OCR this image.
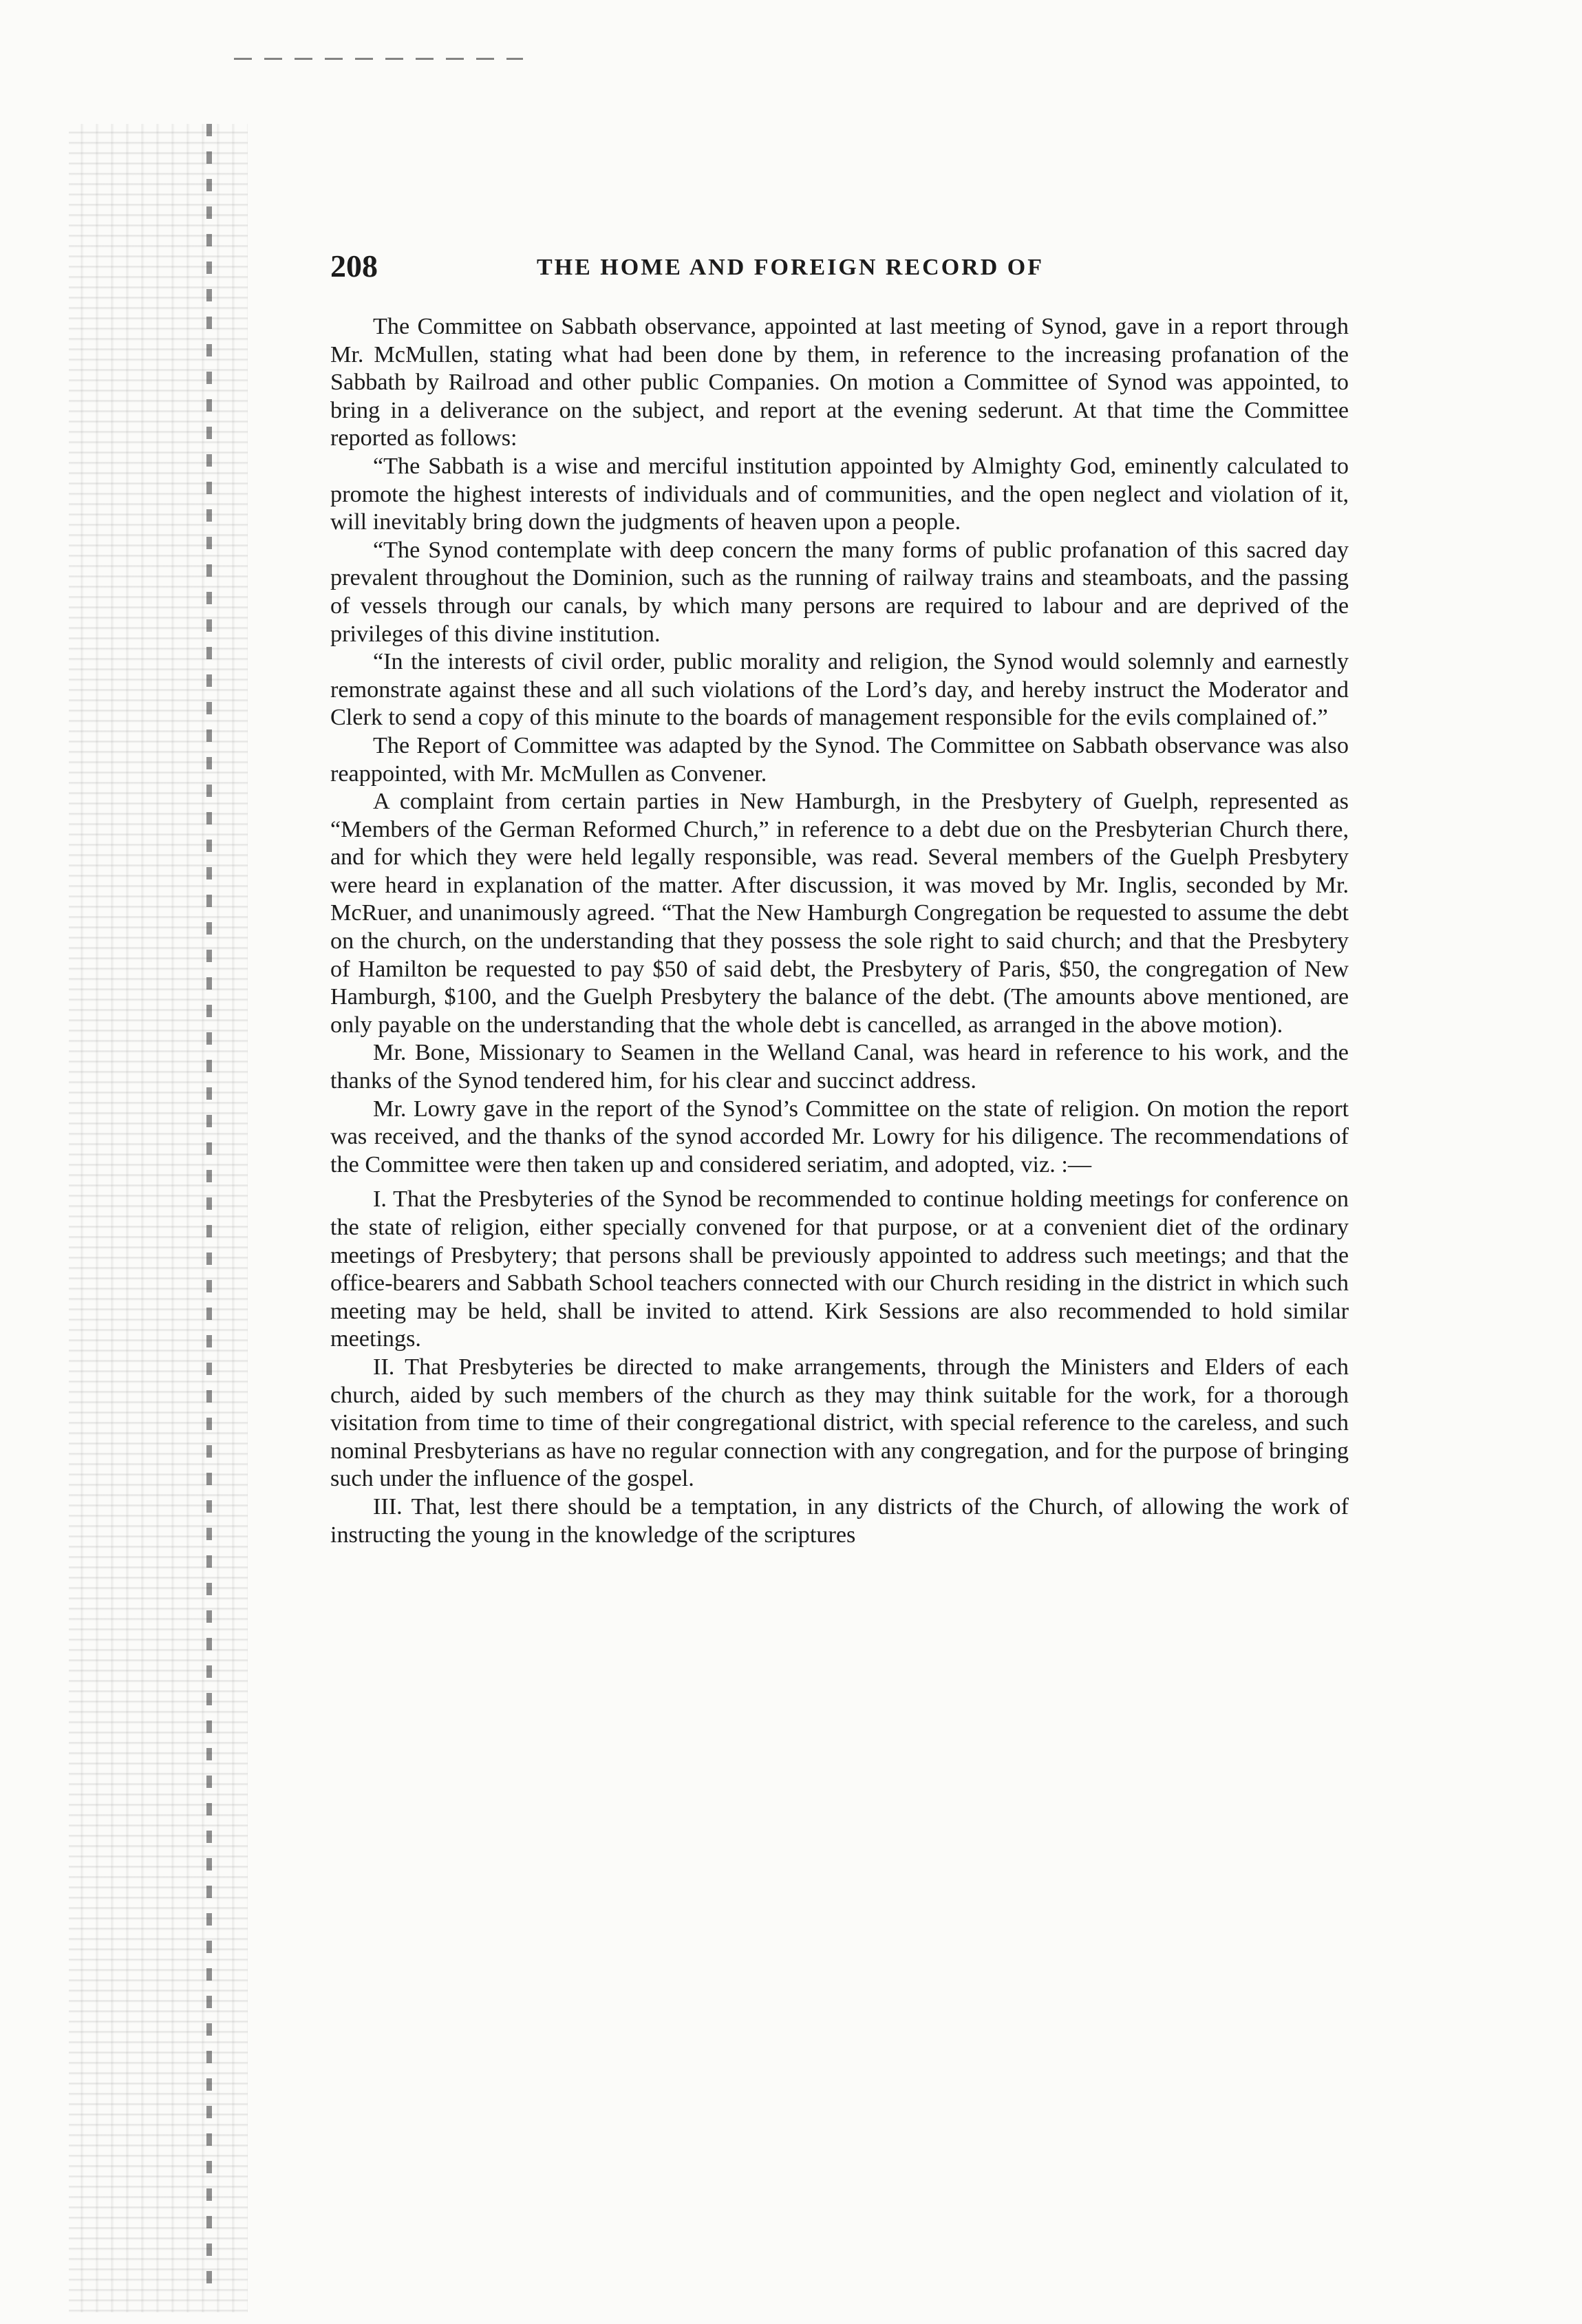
208	THE HOME AND FOREIGN RECORD OF

The Committee on Sabbath observance, appointed at last meeting of Synod, gave in a report through Mr. McMullen, stating what had been done by them, in reference to the increasing profanation of the Sabbath by Railroad and other public Companies. On motion a Committee of Synod was appointed, to bring in a deliverance on the subject, and report at the evening sederunt. At that time the Committee reported as follows:

“The Sabbath is a wise and merciful institution appointed by Almighty God, eminently calculated to promote the highest interests of individuals and of communities, and the open neglect and violation of it, will inevitably bring down the judgments of heaven upon a people.

“The Synod contemplate with deep concern the many forms of public profanation of this sacred day prevalent throughout the Dominion, such as the running of railway trains and steamboats, and the passing of vessels through our canals, by which many persons are required to labour and are deprived of the privileges of this divine institution.

“In the interests of civil order, public morality and religion, the Synod would solemnly and earnestly remonstrate against these and all such violations of the Lord’s day, and hereby instruct the Moderator and Clerk to send a copy of this minute to the boards of management responsible for the evils complained of.”

The Report of Committee was adapted by the Synod. The Committee on Sabbath observance was also reappointed, with Mr. McMullen as Convener.

A complaint from certain parties in New Hamburgh, in the Presbytery of Guelph, represented as “Members of the German Reformed Church,” in reference to a debt due on the Presbyterian Church there, and for which they were held legally responsible, was read. Several members of the Guelph Presbytery were heard in explanation of the matter. After discussion, it was moved by Mr. Inglis, seconded by Mr. McRuer, and unanimously agreed. “That the New Hamburgh Congregation be requested to assume the debt on the church, on the understanding that they possess the sole right to said church; and that the Presbytery of Hamilton be requested to pay $50 of said debt, the Presbytery of Paris, $50, the congregation of New Hamburgh, $100, and the Guelph Presbytery the balance of the debt. (The amounts above mentioned, are only payable on the understanding that the whole debt is cancelled, as arranged in the above motion).

Mr. Bone, Missionary to Seamen in the Welland Canal, was heard in reference to his work, and the thanks of the Synod tendered him, for his clear and succinct address.

Mr. Lowry gave in the report of the Synod’s Committee on the state of religion. On motion the report was received, and the thanks of the synod accorded Mr. Lowry for his diligence. The recommendations of the Committee were then taken up and considered seriatim, and adopted, viz. :—

I. That the Presbyteries of the Synod be recommended to continue holding meetings for conference on the state of religion, either specially convened for that purpose, or at a convenient diet of the ordinary meetings of Presbytery; that persons shall be previously appointed to address such meetings; and that the office-bearers and Sabbath School teachers connected with our Church residing in the district in which such meeting may be held, shall be invited to attend. Kirk Sessions are also recommended to hold similar meetings.

II. That Presbyteries be directed to make arrangements, through the Ministers and Elders of each church, aided by such members of the church as they may think suitable for the work, for a thorough visitation from time to time of their congregational district, with special reference to the careless, and such nominal Presbyterians as have no regular connection with any congregation, and for the purpose of bringing such under the influence of the gospel.

III. That, lest there should be a temptation, in any districts of the Church, of allowing the work of instructing the young in the knowledge of the scriptures
